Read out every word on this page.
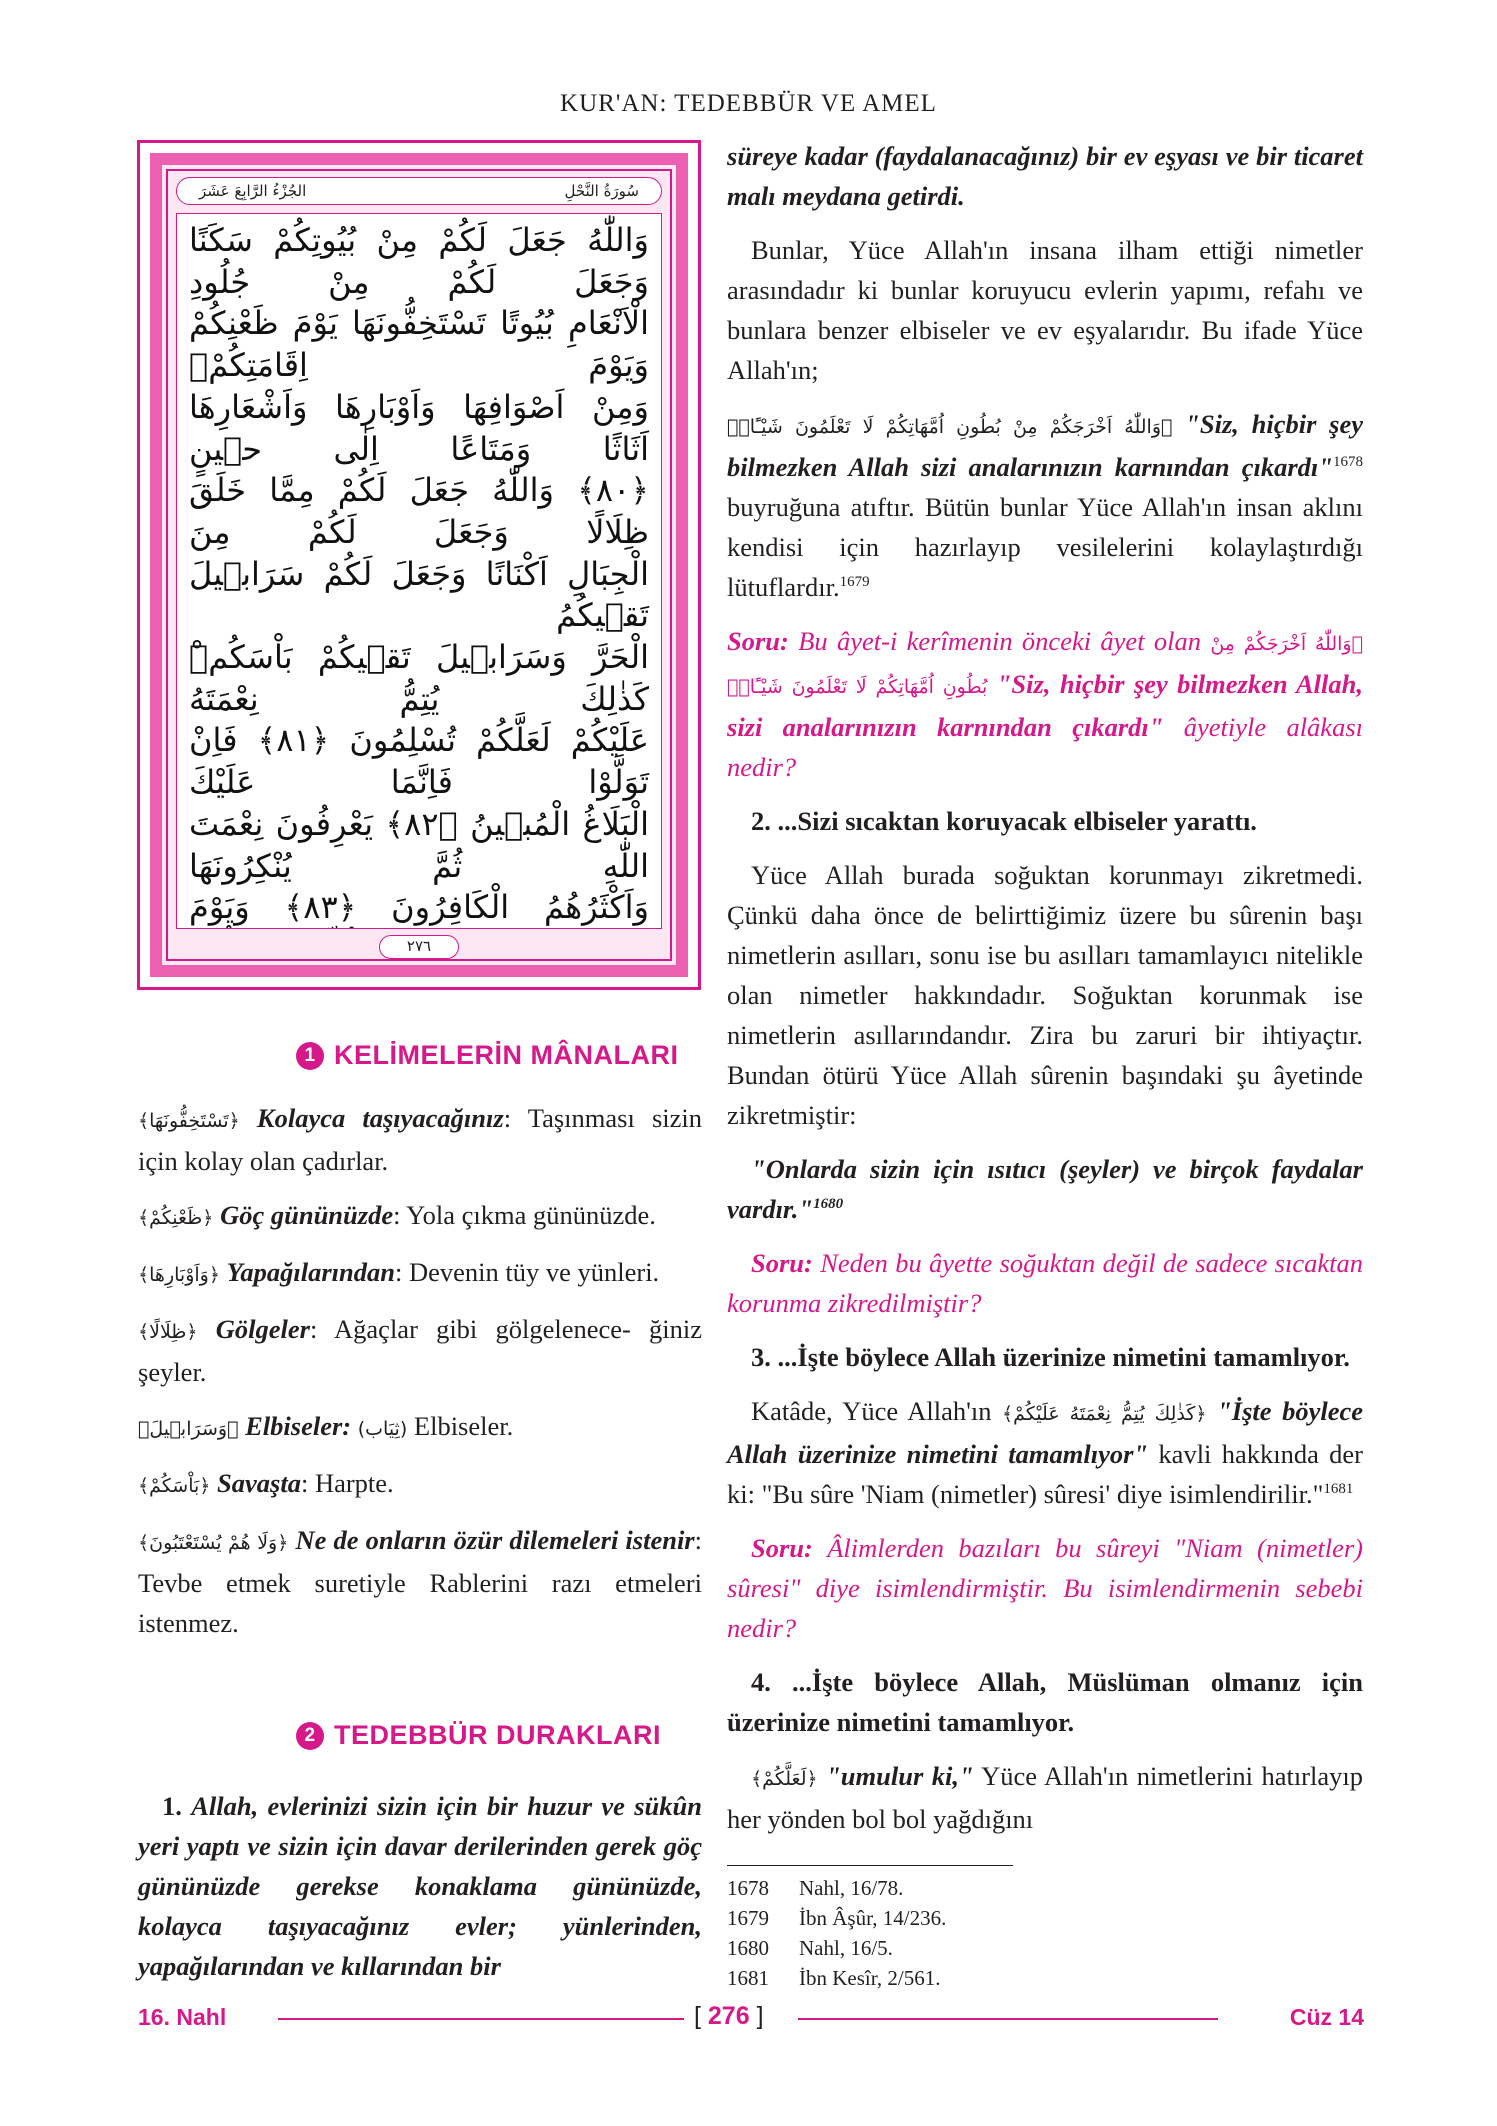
KUR'AN: TEDEBBÜR VE AMEL
سُورَةُ النَّحْلِ
الجُزْءُ الرَّابِعَ عَشَرَ
وَاللّٰهُ جَعَلَ لَكُمْ مِنْ بُيُوتِكُمْ سَكَنًا وَجَعَلَ لَكُمْ مِنْ جُلُودِ
الْاَنْعَامِ بُيُوتًا تَسْتَخِفُّونَهَا يَوْمَ ظَعْنِكُمْ وَيَوْمَ اِقَامَتِكُمْۙ
وَمِنْ اَصْوَافِهَا وَاَوْبَارِهَا وَاَشْعَارِهَا اَثَاثًا وَمَتَاعًا اِلٰى حٖينٍ
﴿٨٠﴾ وَاللّٰهُ جَعَلَ لَكُمْ مِمَّا خَلَقَ ظِلَالًا وَجَعَلَ لَكُمْ مِنَ
الْجِبَالِ اَكْنَانًا وَجَعَلَ لَكُمْ سَرَابٖيلَ تَقٖيكُمُ
الْحَرَّ وَسَرَابٖيلَ تَقٖيكُمْ بَاْسَكُمْۜ كَذٰلِكَ يُتِمُّ نِعْمَتَهُ
عَلَيْكُمْ لَعَلَّكُمْ تُسْلِمُونَ ﴿٨١﴾ فَاِنْ تَوَلَّوْا فَاِنَّمَا عَلَيْكَ
الْبَلَاغُ الْمُبٖينُ ﴿٨٢﴾ يَعْرِفُونَ نِعْمَتَ اللّٰهِ ثُمَّ يُنْكِرُونَهَا
وَاَكْثَرُهُمُ الْكَافِرُونَ ﴿٨٣﴾ وَيَوْمَ
٢٧٦
1 KELİMELERİN MÂNALARI

﴿تَسْتَخِفُّونَهَا﴾ Kolayca taşıyacağınız: Taşınması sizin için kolay olan çadırlar.

﴿ظَعْنِكُمْ﴾ Göç gününüzde: Yola çıkma gününüzde.

﴿وَاَوْبَارِهَا﴾ Yapağılarından: Devenin tüy ve yünleri.

﴿ظِلَالًا﴾ Gölgeler: Ağaçlar gibi gölgelenece- ğiniz şeyler.

﴿وَسَرَابٖيلَ﴾ Elbiseler: (ثِيَاب) Elbiseler.

﴿بَاْسَكُمْ﴾ Savaşta: Harpte.

﴿وَلَا هُمْ يُسْتَعْتَبُونَ﴾ Ne de onların özür dilemeleri istenir: Tevbe etmek suretiyle Rablerini razı etmeleri istenmez.

2 TEDEBBÜR DURAKLARI

1. Allah, evlerinizi sizin için bir huzur ve sükûn yeri yaptı ve sizin için davar derilerinden gerek göç gününüzde gerekse konaklama gününüzde, kolayca taşıyacağınız evler; yünlerinden, yapağılarından ve kıllarından bir

süreye kadar (faydalanacağınız) bir ev eşyası ve bir ticaret malı meydana getirdi.

Bunlar, Yüce Allah'ın insana ilham ettiği nimetler arasındadır ki bunlar koruyucu evlerin yapımı, refahı ve bunlara benzer elbiseler ve ev eşyalarıdır. Bu ifade Yüce Allah'ın;

﴿وَاللّٰهُ اَخْرَجَكُمْ مِنْ بُطُونِ اُمَّهَاتِكُمْ لَا تَعْلَمُونَ شَيْـًٔاۙ﴾ "Siz, hiçbir şey bilmezken Allah sizi analarınızın karnından çıkardı"$^{1678}$ buyruğuna atıftır. Bütün bunlar Yüce Allah'ın insan aklını kendisi için hazırlayıp vesilelerini kolaylaştırdığı lütuflardır.$^{1679}$

Soru: Bu âyet-i kerîmenin önceki âyet olan ﴿وَاللّٰهُ اَخْرَجَكُمْ مِنْ بُطُونِ اُمَّهَاتِكُمْ لَا تَعْلَمُونَ شَيْـًٔاۙ﴾ "Siz, hiçbir şey bilmezken Allah, sizi analarınızın karnından çıkardı" âyetiyle alâkası nedir?

2. ...Sizi sıcaktan koruyacak elbiseler yarattı.

Yüce Allah burada soğuktan korunmayı zikretmedi. Çünkü daha önce de belirttiğimiz üzere bu sûrenin başı nimetlerin asılları, sonu ise bu asılları tamamlayıcı nitelikle olan nimetler hakkındadır. Soğuktan korunmak ise nimetlerin asıllarındandır. Zira bu zaruri bir ihtiyaçtır. Bundan ötürü Yüce Allah sûrenin başındaki şu âyetinde zikretmiştir:

"Onlarda sizin için ısıtıcı (şeyler) ve birçok faydalar vardır."$^{1680}$

Soru: Neden bu âyette soğuktan değil de sadece sıcaktan korunma zikredilmiştir?

3. ...İşte böylece Allah üzerinize nimetini tamamlıyor.

Katâde, Yüce Allah'ın ﴿كَذٰلِكَ يُتِمُّ نِعْمَتَهُ عَلَيْكُمْ﴾ "İşte böylece Allah üzerinize nimetini tamamlıyor" kavli hakkında der ki: "Bu sûre 'Niam (nimetler) sûresi' diye isimlendirilir."$^{1681}$

Soru: Âlimlerden bazıları bu sûreyi "Niam (nimetler) sûresi" diye isimlendirmiştir. Bu isimlendirmenin sebebi nedir?

4. ...İşte böylece Allah, Müslüman olmanız için üzerinize nimetini tamamlıyor.

﴿لَعَلَّكُمْ﴾ "umulur ki," Yüce Allah'ın nimetlerini hatırlayıp her yönden bol bol yağdığını

1678	Nahl, 16/78.
1679	İbn Âşûr, 14/236.
1680	Nahl, 16/5.
1681	İbn Kesîr, 2/561.
16. Nahl	[ 276 ]	Cüz 14
